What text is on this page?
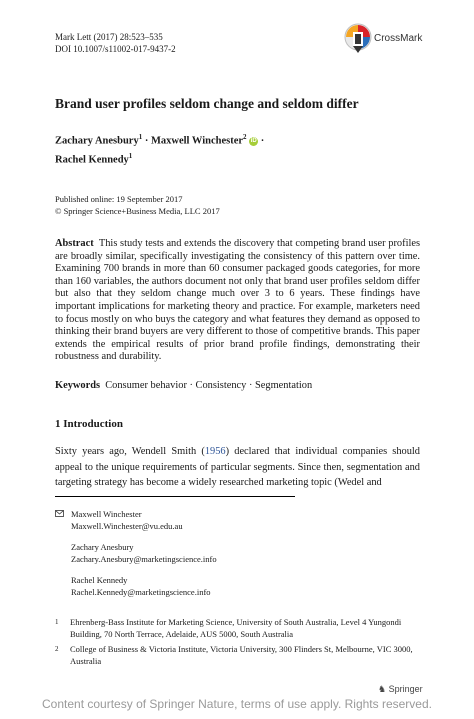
Mark Lett (2017) 28:523–535
DOI 10.1007/s11002-017-9437-2
CrossMark
Brand user profiles seldom change and seldom differ
Zachary Anesbury$^1$ · Maxwell Winchester$^2$ iD ·
Rachel Kennedy$^1$
Published online: 19 September 2017
© Springer Science+Business Media, LLC 2017
Abstract This study tests and extends the discovery that competing brand user profiles are broadly similar, specifically investigating the consistency of this pattern over time. Examining 700 brands in more than 60 consumer packaged goods categories, for more than 160 variables, the authors document not only that brand user profiles seldom differ but also that they seldom change much over 3 to 6 years. These findings have important implications for marketing theory and practice. For example, marketers need to focus mostly on who buys the category and what features they demand as opposed to thinking their brand buyers are very different to those of competitive brands. This paper extends the empirical results of prior brand profile findings, demonstrating their robustness and durability.
Keywords Consumer behavior · Consistency · Segmentation
1 Introduction
Sixty years ago, Wendell Smith (1956) declared that individual companies should appeal to the unique requirements of particular segments. Since then, segmentation and targeting strategy has become a widely researched marketing topic (Wedel and
Maxwell Winchester
Maxwell.Winchester@vu.edu.au
Zachary Anesbury
Zachary.Anesbury@marketingscience.info
Rachel Kennedy
Rachel.Kennedy@marketingscience.info
1 Ehrenberg-Bass Institute for Marketing Science, University of South Australia, Level 4 Yungondi Building, 70 North Terrace, Adelaide, AUS 5000, South Australia
2 College of Business & Victoria Institute, Victoria University, 300 Flinders St, Melbourne, VIC 3000, Australia
♞ Springer
Content courtesy of Springer Nature, terms of use apply. Rights reserved.
